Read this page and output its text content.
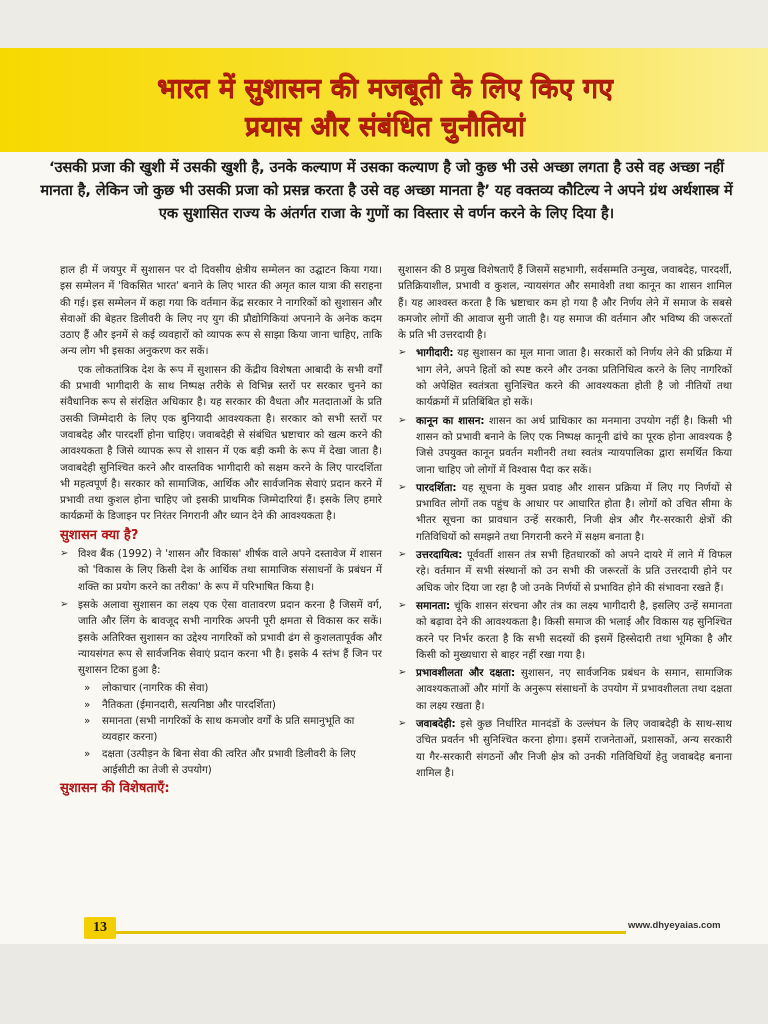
भारत में सुशासन की मजबूती के लिए किए गए
प्रयास और संबंधित चुनौतियां

‘उसकी प्रजा की खुशी में उसकी खुशी है, उनके कल्याण में उसका कल्याण है जो कुछ भी उसे अच्छा लगता है उसे वह अच्छा नहीं मानता है, लेकिन जो कुछ भी उसकी प्रजा को प्रसन्न करता है उसे वह अच्छा मानता है’ यह वक्तव्य कौटिल्य ने अपने ग्रंथ अर्थशास्त्र में एक सुशासित राज्य के अंतर्गत राजा के गुणों का विस्तार से वर्णन करने के लिए दिया है।

हाल ही में जयपुर में सुशासन पर दो दिवसीय क्षेत्रीय सम्मेलन का उद्घाटन किया गया। इस सम्मेलन में 'विकसित भारत' बनाने के लिए भारत की अमृत काल यात्रा की सराहना की गई। इस सम्मेलन में कहा गया कि वर्तमान केंद्र सरकार ने नागरिकों को सुशासन और सेवाओं की बेहतर डिलीवरी के लिए नए युग की प्रौद्योगिकियां अपनाने के अनेक कदम उठाए हैं और इनमें से कई व्यवहारों को व्यापक रूप से साझा किया जाना चाहिए, ताकि अन्य लोग भी इसका अनुकरण कर सकें।

एक लोकतांत्रिक देश के रूप में सुशासन की केंद्रीय विशेषता आबादी के सभी वर्गों की प्रभावी भागीदारी के साथ निष्पक्ष तरीके से विभिन्न स्तरों पर सरकार चुनने का संवैधानिक रूप से संरक्षित अधिकार है। यह सरकार की वैधता और मतदाताओं के प्रति उसकी जिम्मेदारी के लिए एक बुनियादी आवश्यकता है। सरकार को सभी स्तरों पर जवाबदेह और पारदर्शी होना चाहिए। जवाबदेही से संबंधित भ्रष्टाचार को खत्म करने की आवश्यकता है जिसे व्यापक रूप से शासन में एक बड़ी कमी के रूप में देखा जाता है। जवाबदेही सुनिश्चित करने और वास्तविक भागीदारी को सक्षम करने के लिए पारदर्शिता भी महत्वपूर्ण है। सरकार को सामाजिक, आर्थिक और सार्वजनिक सेवाएं प्रदान करने में प्रभावी तथा कुशल होना चाहिए जो इसकी प्राथमिक जिम्मेदारियां हैं। इसके लिए हमारे कार्यक्रमों के डिजाइन पर निरंतर निगरानी और ध्यान देने की आवश्यकता है।

सुशासन क्या है?

➢ विश्व बैंक (1992) ने 'शासन और विकास' शीर्षक वाले अपने दस्तावेज में शासन को 'विकास के लिए किसी देश के आर्थिक तथा सामाजिक संसाधनों के प्रबंधन में शक्ति का प्रयोग करने का तरीका' के रूप में परिभाषित किया है।

➢ इसके अलावा सुशासन का लक्ष्य एक ऐसा वातावरण प्रदान करना है जिसमें वर्ग, जाति और लिंग के बावजूद सभी नागरिक अपनी पूरी क्षमता से विकास कर सकें। इसके अतिरिक्त सुशासन का उद्देश्य नागरिकों को प्रभावी ढंग से कुशलतापूर्वक और न्यायसंगत रूप से सार्वजनिक सेवाएं प्रदान करना भी है। इसके 4 स्तंभ हैं जिन पर सुशासन टिका हुआ है:

» लोकाचार (नागरिक की सेवा)

» नैतिकता (ईमानदारी, सत्यनिष्ठा और पारदर्शिता)

» समानता (सभी नागरिकों के साथ कमजोर वर्गों के प्रति समानुभूति का व्यवहार करना)

» दक्षता (उत्पीड़न के बिना सेवा की त्वरित और प्रभावी डिलीवरी के लिए आईसीटी का तेजी से उपयोग)

सुशासन की विशेषताएँ:

सुशासन की 8 प्रमुख विशेषताएँ हैं जिसमें सहभागी, सर्वसम्मति उन्मुख, जवाबदेह, पारदर्शी, प्रतिक्रियाशील, प्रभावी व कुशल, न्यायसंगत और समावेशी तथा कानून का शासन शामिल हैं। यह आश्वस्त करता है कि भ्रष्टाचार कम हो गया है और निर्णय लेने में समाज के सबसे कमजोर लोगों की आवाज सुनी जाती है। यह समाज की वर्तमान और भविष्य की जरूरतों के प्रति भी उत्तरदायी है।

➢ भागीदारी: यह सुशासन का मूल माना जाता है। सरकारों को निर्णय लेने की प्रक्रिया में भाग लेने, अपने हितों को स्पष्ट करने और उनका प्रतिनिधित्व करने के लिए नागरिकों को अपेक्षित स्वतंत्रता सुनिश्चित करने की आवश्यकता होती है जो नीतियों तथा कार्यक्रमों में प्रतिबिंबित हो सकें।

➢ कानून का शासन: शासन का अर्थ प्राधिकार का मनमाना उपयोग नहीं है। किसी भी शासन को प्रभावी बनाने के लिए एक निष्पक्ष कानूनी ढांचे का पूरक होना आवश्यक है जिसे उपयुक्त कानून प्रवर्तन मशीनरी तथा स्वतंत्र न्यायपालिका द्वारा समर्थित किया जाना चाहिए जो लोगों में विश्वास पैदा कर सकें।

➢ पारदर्शिता: यह सूचना के मुक्त प्रवाह और शासन प्रक्रिया में लिए गए निर्णयों से प्रभावित लोगों तक पहुंच के आधार पर आधारित होता है। लोगों को उचित सीमा के भीतर सूचना का प्रावधान उन्हें सरकारी, निजी क्षेत्र और गैर-सरकारी क्षेत्रों की गतिविधियों को समझने तथा निगरानी करने में सक्षम बनाता है।

➢ उत्तरदायित्व: पूर्ववर्ती शासन तंत्र सभी हितधारकों को अपने दायरे में लाने में विफल रहे। वर्तमान में सभी संस्थानों को उन सभी की जरूरतों के प्रति उत्तरदायी होने पर अधिक जोर दिया जा रहा है जो उनके निर्णयों से प्रभावित होने की संभावना रखते हैं।

➢ समानता: चूंकि शासन संरचना और तंत्र का लक्ष्य भागीदारी है, इसलिए उन्हें समानता को बढ़ावा देने की आवश्यकता है। किसी समाज की भलाई और विकास यह सुनिश्चित करने पर निर्भर करता है कि सभी सदस्यों की इसमें हिस्सेदारी तथा भूमिका है और किसी को मुख्यधारा से बाहर नहीं रखा गया है।

➢ प्रभावशीलता और दक्षता: सुशासन, नए सार्वजनिक प्रबंधन के समान, सामाजिक आवश्यकताओं और मांगों के अनुरूप संसाधनों के उपयोग में प्रभावशीलता तथा दक्षता का लक्ष्य रखता है।

➢ जवाबदेही: इसे कुछ निर्धारित मानदंडों के उल्लंघन के लिए जवाबदेही के साथ-साथ उचित प्रवर्तन भी सुनिश्चित करना होगा। इसमें राजनेताओं, प्रशासकों, अन्य सरकारी या गैर-सरकारी संगठनों और निजी क्षेत्र को उनकी गतिविधियों हेतु जवाबदेह बनाना शामिल है।

13	www.dhyeyaias.com
